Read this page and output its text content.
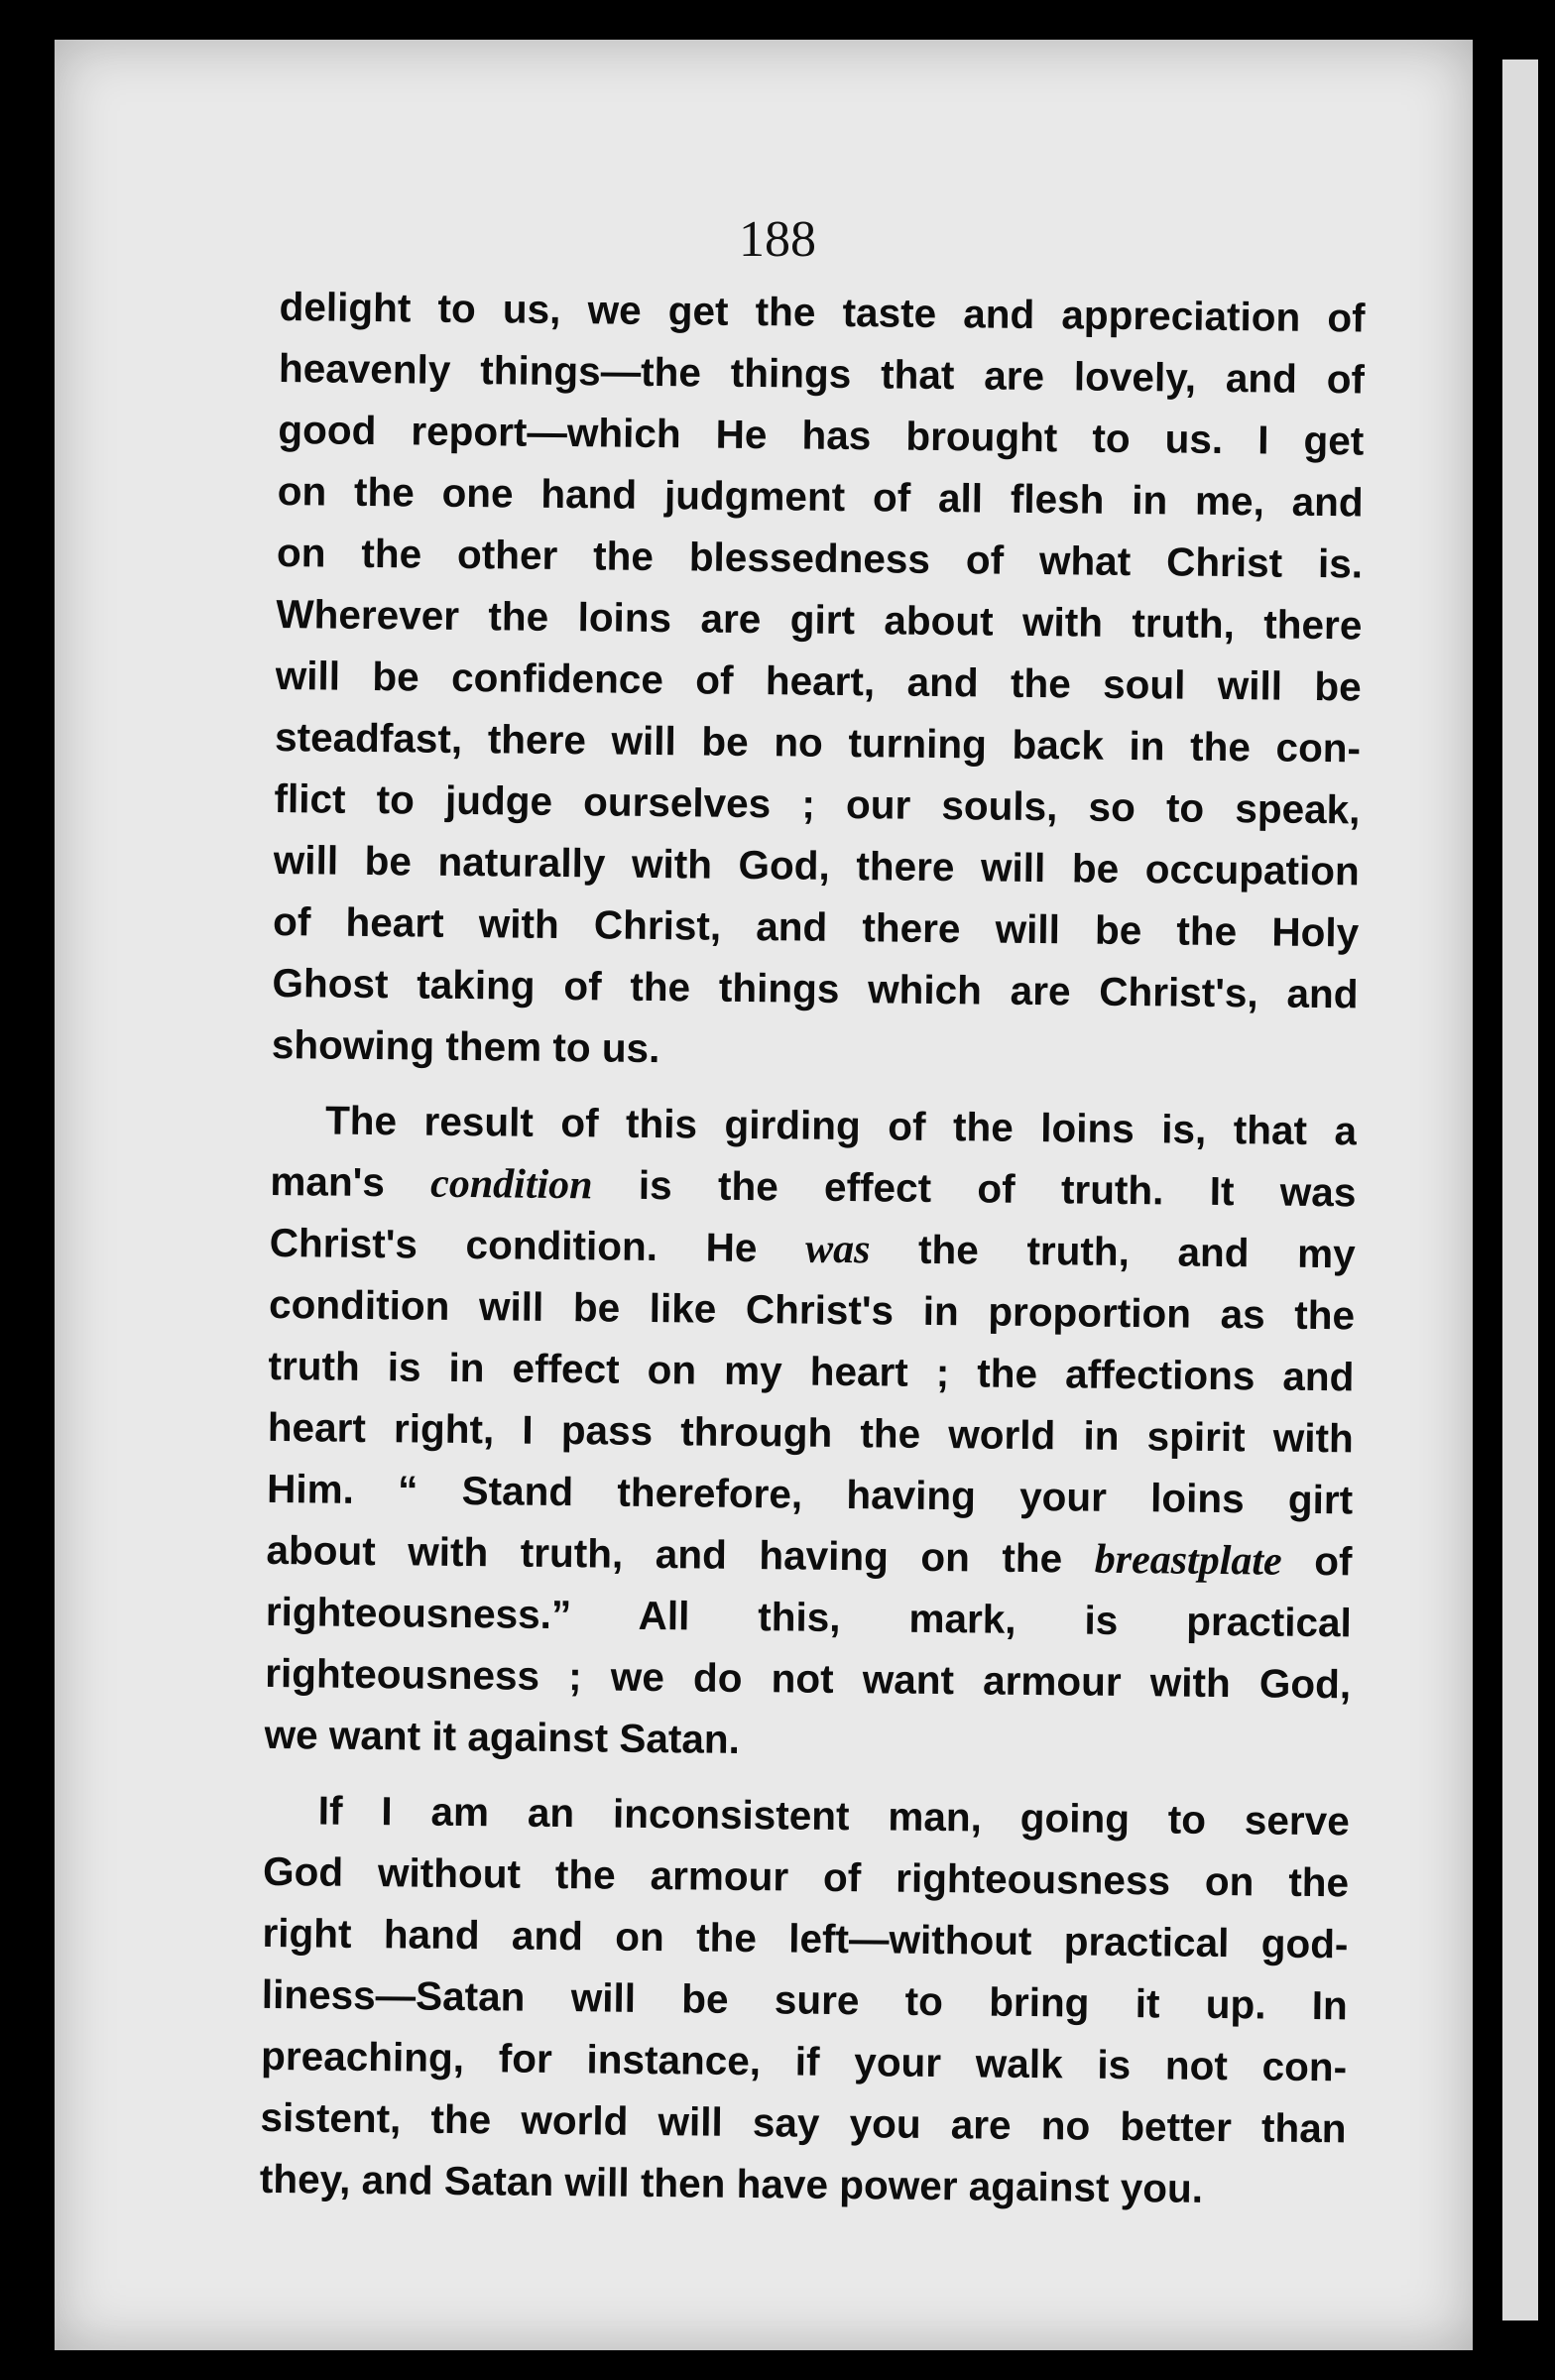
188

delight to us, we get the taste and appreciation of
heavenly things—the things that are lovely, and of
good report—which He has brought to us. I get
on the one hand judgment of all flesh in me, and
on the other the blessedness of what Christ is.
Wherever the loins are girt about with truth, there
will be confidence of heart, and the soul will be
steadfast, there will be no turning back in the con-
flict to judge ourselves ; our souls, so to speak,
will be naturally with God, there will be occupation
of heart with Christ, and there will be the Holy
Ghost taking of the things which are Christ's, and
showing them to us.
The result of this girding of the loins is, that a
man's condition is the effect of truth. It was
Christ's condition. He was the truth, and my
condition will be like Christ's in proportion as the
truth is in effect on my heart ; the affections and
heart right, I pass through the world in spirit with
Him. “ Stand therefore, having your loins girt
about with truth, and having on the breastplate of
righteousness.” All this, mark, is practical
righteousness ; we do not want armour with God,
we want it against Satan.
If I am an inconsistent man, going to serve
God without the armour of righteousness on the
right hand and on the left—without practical god-
liness—Satan will be sure to bring it up. In
preaching, for instance, if your walk is not con-
sistent, the world will say you are no better than
they, and Satan will then have power against you.
